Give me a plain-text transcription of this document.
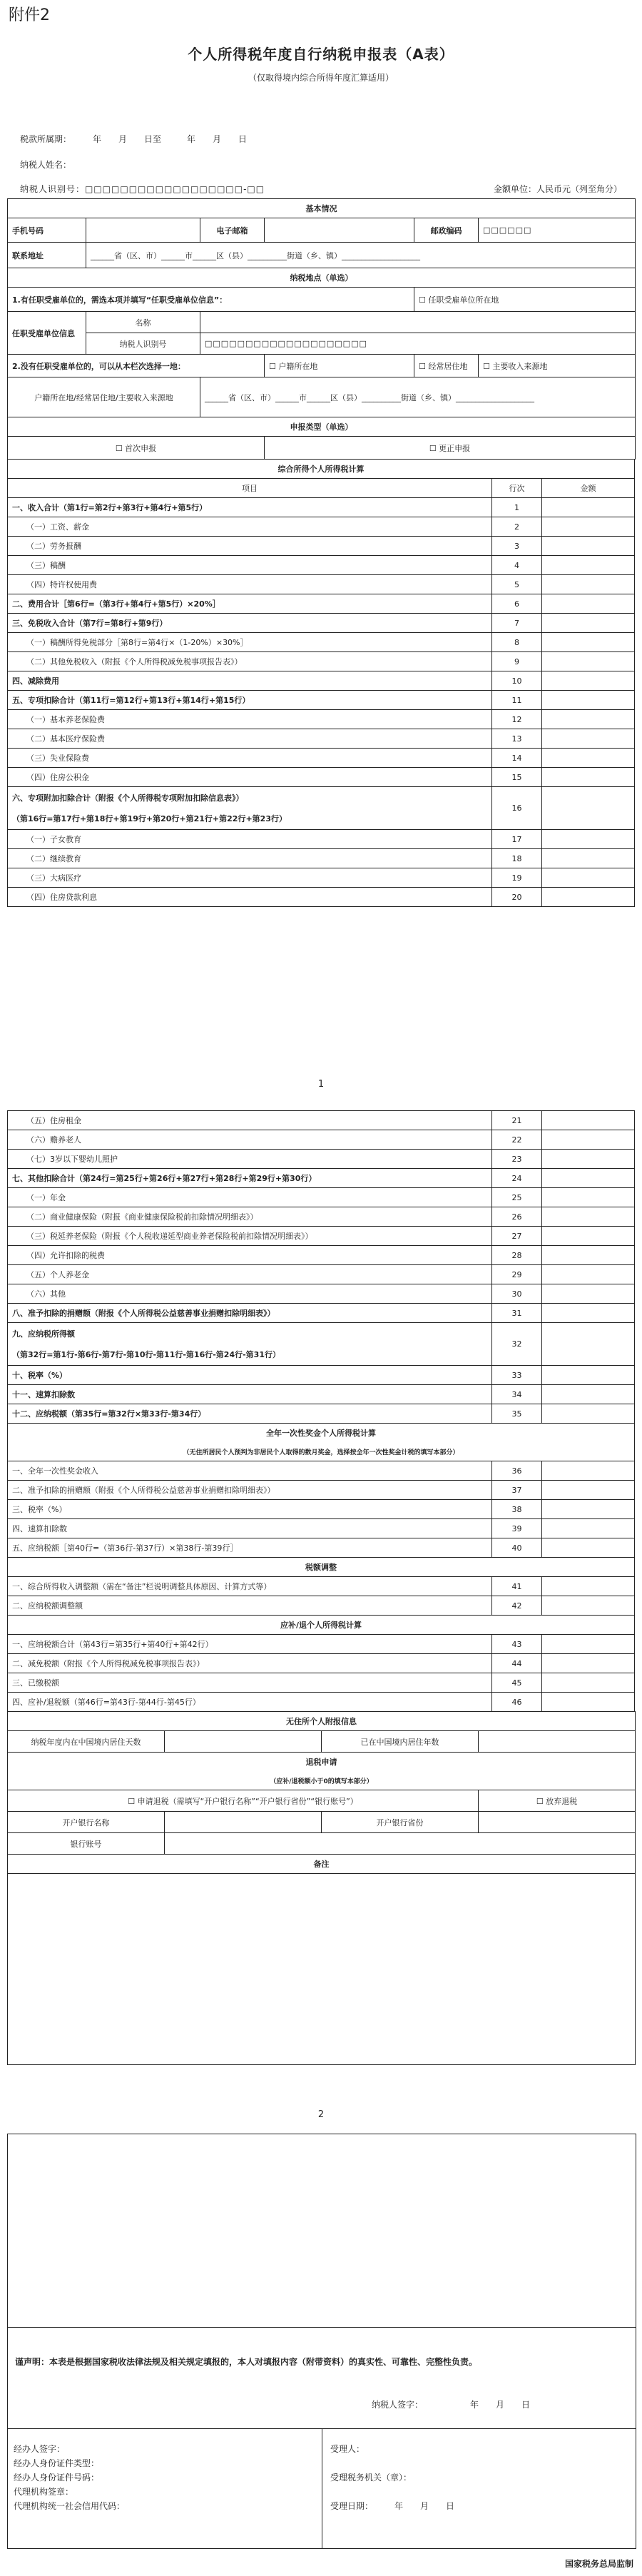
附件2
个人所得税年度自行纳税申报表（A表）
（仅取得境内综合所得年度汇算适用）
税款所属期：　　　年　　月　　日至　　　年　　月　　日
纳税人姓名：
纳税人识别号：□□□□□□□□□□□□□□□□□□-□□	金额单位：人民币元（列至角分）
基本情况					
手机号码		电子邮箱		邮政编码	□□□□□□
联系地址	______省（区、市）______市______区（县）__________街道（乡、镇）____________________				
纳税地点（单选）					
1.有任职受雇单位的，需选本项并填写“任职受雇单位信息”：				☐ 任职受雇单位所在地	
任职受雇单位信息	名称				
	纳税人识别号	□□□□□□□□□□□□□□□□□□□□			
2.没有任职受雇单位的，可以从本栏次选择一地：			☐ 户籍所在地	☐ 经常居住地	☐ 主要收入来源地
户籍所在地/经常居住地/主要收入来源地		______省（区、市）______市______区（县）__________街道（乡、镇）____________________			
申报类型（单选）					
☐ 首次申报			☐ 更正申报		
综合所得个人所得税计算		
项目	行次	金额
一、收入合计（第1行=第2行+第3行+第4行+第5行）	1	
（一）工资、薪金	2	
（二）劳务报酬	3	
（三）稿酬	4	
（四）特许权使用费	5	
二、费用合计［第6行=（第3行+第4行+第5行）×20%］	6	
三、免税收入合计（第7行=第8行+第9行）	7	
（一）稿酬所得免税部分［第8行=第4行×（1-20%）×30%］	8	
（二）其他免税收入（附报《个人所得税减免税事项报告表》）	9	
四、减除费用	10	
五、专项扣除合计（第11行=第12行+第13行+第14行+第15行）	11	
（一）基本养老保险费	12	
（二）基本医疗保险费	13	
（三）失业保险费	14	
（四）住房公积金	15	
六、专项附加扣除合计（附报《个人所得税专项附加扣除信息表》）	16	
（第16行=第17行+第18行+第19行+第20行+第21行+第22行+第23行）		
（一）子女教育	17	
（二）继续教育	18	
（三）大病医疗	19	
（四）住房贷款利息	20	
1
（五）住房租金	21	
（六）赡养老人	22	
（七）3岁以下婴幼儿照护	23	
七、其他扣除合计（第24行=第25行+第26行+第27行+第28行+第29行+第30行）	24	
（一）年金	25	
（二）商业健康保险（附报《商业健康保险税前扣除情况明细表》）	26	
（三）税延养老保险（附报《个人税收递延型商业养老保险税前扣除情况明细表》）	27	
（四）允许扣除的税费	28	
（五）个人养老金	29	
（六）其他	30	
八、准予扣除的捐赠额（附报《个人所得税公益慈善事业捐赠扣除明细表》）	31	
九、应纳税所得额	32	
（第32行=第1行-第6行-第7行-第10行-第11行-第16行-第24行-第31行）		
十、税率（%）	33	
十一、速算扣除数	34	
十二、应纳税额（第35行=第32行×第33行-第34行）	35	
全年一次性奖金个人所得税计算		
（无住所居民个人预判为非居民个人取得的数月奖金，选择按全年一次性奖金计税的填写本部分）		
一、全年一次性奖金收入	36	
二、准予扣除的捐赠额（附报《个人所得税公益慈善事业捐赠扣除明细表》）	37	
三、税率（%）	38	
四、速算扣除数	39	
五、应纳税额［第40行=（第36行-第37行）×第38行-第39行］	40	
税额调整		
一、综合所得收入调整额（需在“备注”栏说明调整具体原因、计算方式等）	41	
二、应纳税额调整额	42	
应补/退个人所得税计算		
一、应纳税额合计（第43行=第35行+第40行+第42行）	43	
二、减免税额（附报《个人所得税减免税事项报告表》）	44	
三、已缴税额	45	
四、应补/退税额（第46行=第43行-第44行-第45行）	46	
无住所个人附报信息			
纳税年度内在中国境内居住天数		已在中国境内居住年数	
退税申请			
（应补/退税额小于0的填写本部分）			
☐ 申请退税（需填写“开户银行名称”“开户银行省份”“银行账号”）			☐ 放弃退税
开户银行名称		开户银行省份	
银行账号			
备注			

2
谨声明：本表是根据国家税收法律法规及相关规定填报的，本人对填报内容（附带资料）的真实性、可靠性、完整性负责。
纳税人签字：　　　　　　年　　月　　日
经办人签字：
经办人身份证件类型：
经办人身份证件号码：
代理机构签章：
代理机构统一社会信用代码：
受理人：
受理税务机关（章）：
受理日期：　　　年　　月　　日
国家税务总局监制
